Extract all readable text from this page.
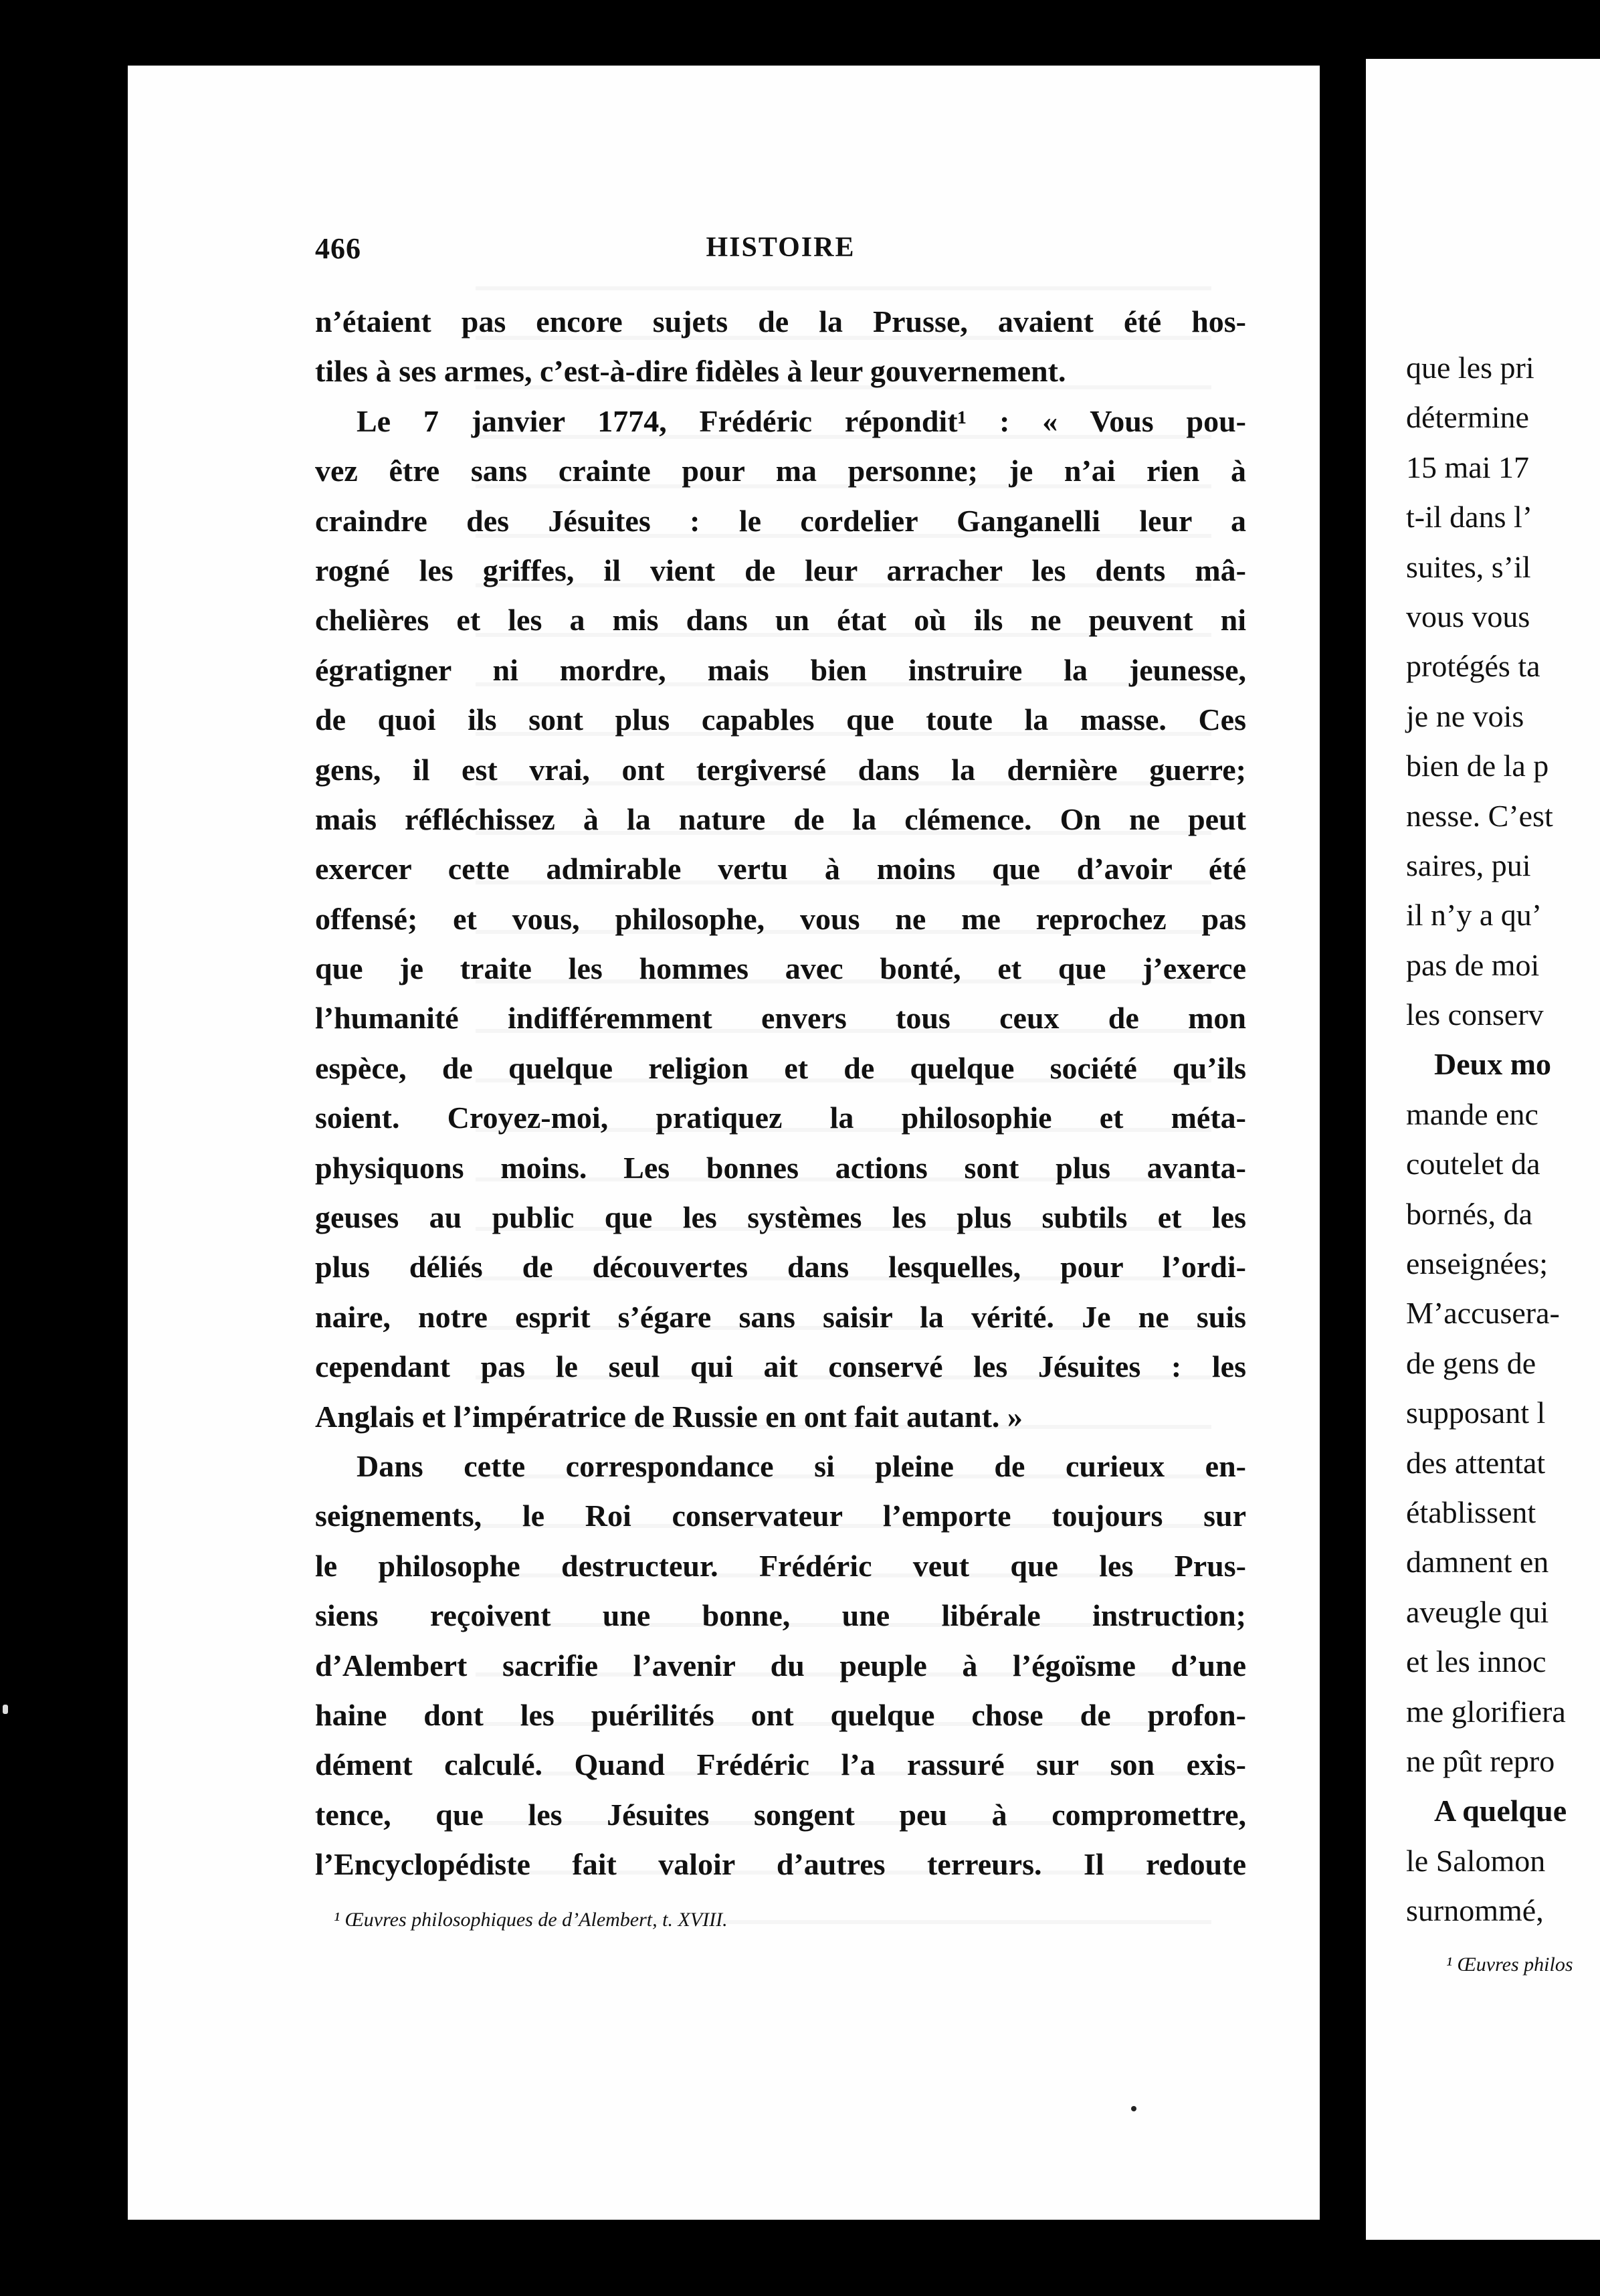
466	HISTOIRE
n’étaient pas encore sujets de la Prusse, avaient été hos-
tiles à ses armes, c’est-à-dire fidèles à leur gouvernement.
Le 7 janvier 1774, Frédéric répondit¹ : « Vous pou-
vez être sans crainte pour ma personne; je n’ai rien à
craindre des Jésuites : le cordelier Ganganelli leur a
rogné les griffes, il vient de leur arracher les dents mâ-
chelières et les a mis dans un état où ils ne peuvent ni
égratigner ni mordre, mais bien instruire la jeunesse,
de quoi ils sont plus capables que toute la masse. Ces
gens, il est vrai, ont tergiversé dans la dernière guerre;
mais réfléchissez à la nature de la clémence. On ne peut
exercer cette admirable vertu à moins que d’avoir été
offensé; et vous, philosophe, vous ne me reprochez pas
que je traite les hommes avec bonté, et que j’exerce
l’humanité indifféremment envers tous ceux de mon
espèce, de quelque religion et de quelque société qu’ils
soient. Croyez-moi, pratiquez la philosophie et méta-
physiquons moins. Les bonnes actions sont plus avanta-
geuses au public que les systèmes les plus subtils et les
plus déliés de découvertes dans lesquelles, pour l’ordi-
naire, notre esprit s’égare sans saisir la vérité. Je ne suis
cependant pas le seul qui ait conservé les Jésuites : les
Anglais et l’impératrice de Russie en ont fait autant. »
Dans cette correspondance si pleine de curieux en-
seignements, le Roi conservateur l’emporte toujours sur
le philosophe destructeur. Frédéric veut que les Prus-
siens reçoivent une bonne, une libérale instruction;
d’Alembert sacrifie l’avenir du peuple à l’égoïsme d’une
haine dont les puérilités ont quelque chose de profon-
dément calculé. Quand Frédéric l’a rassuré sur son exis-
tence, que les Jésuites songent peu à compromettre,
l’Encyclopédiste fait valoir d’autres terreurs. Il redoute
¹ Œuvres philosophiques de d’Alembert, t. XVIII.
que les pri
détermine
15 mai 17
t-il dans l’
suites, s’il
vous vous
protégés ta
je ne vois
bien de la p
nesse. C’est
saires, pui
il n’y a qu’
pas de moi
les conserv
Deux mo
mande enc
coutelet da
bornés, da
enseignées;
M’accusera-
de gens de
supposant l
des attentat
établissent
damnent en
aveugle qui
et les innoc
me glorifiera
ne pût repro
A quelque
le Salomon
surnommé,
¹ Œuvres philos
